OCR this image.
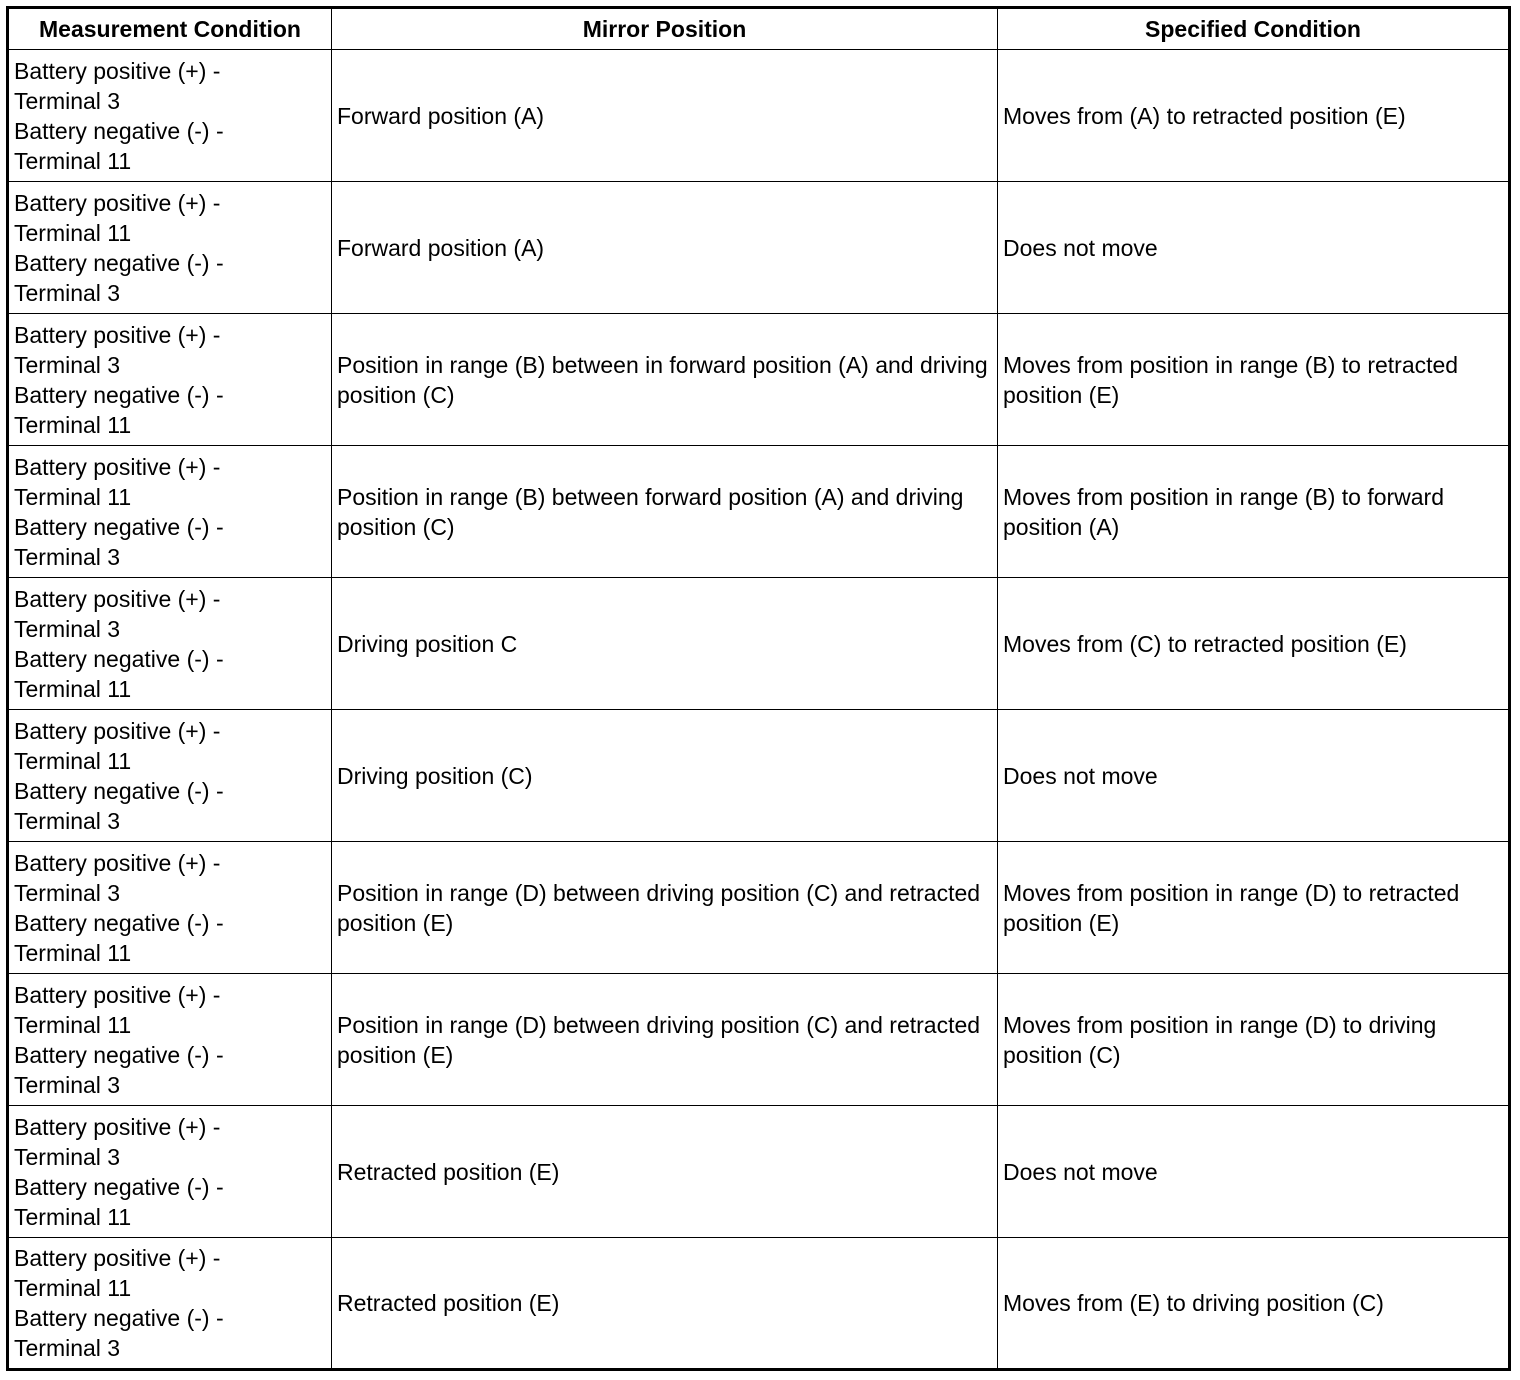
Measurement Condition	Mirror Position	Specified Condition

Battery positive (+) -
Terminal 3
Battery negative (-) -
Terminal 11	Forward position (A)	Moves from (A) to retracted position (E)

Battery positive (+) -
Terminal 11
Battery negative (-) -
Terminal 3	Forward position (A)	Does not move

Battery positive (+) -
Terminal 3
Battery negative (-) -
Terminal 11	Position in range (B) between in forward position (A) and driving position (C)	Moves from position in range (B) to retracted position (E)

Battery positive (+) -
Terminal 11
Battery negative (-) -
Terminal 3	Position in range (B) between forward position (A) and driving position (C)	Moves from position in range (B) to forward position (A)

Battery positive (+) -
Terminal 3
Battery negative (-) -
Terminal 11	Driving position C	Moves from (C) to retracted position (E)

Battery positive (+) -
Terminal 11
Battery negative (-) -
Terminal 3	Driving position (C)	Does not move

Battery positive (+) -
Terminal 3
Battery negative (-) -
Terminal 11	Position in range (D) between driving position (C) and retracted position (E)	Moves from position in range (D) to retracted position (E)

Battery positive (+) -
Terminal 11
Battery negative (-) -
Terminal 3	Position in range (D) between driving position (C) and retracted position (E)	Moves from position in range (D) to driving position (C)

Battery positive (+) -
Terminal 3
Battery negative (-) -
Terminal 11	Retracted position (E)	Does not move

Battery positive (+) -
Terminal 11
Battery negative (-) -
Terminal 3	Retracted position (E)	Moves from (E) to driving position (C)
